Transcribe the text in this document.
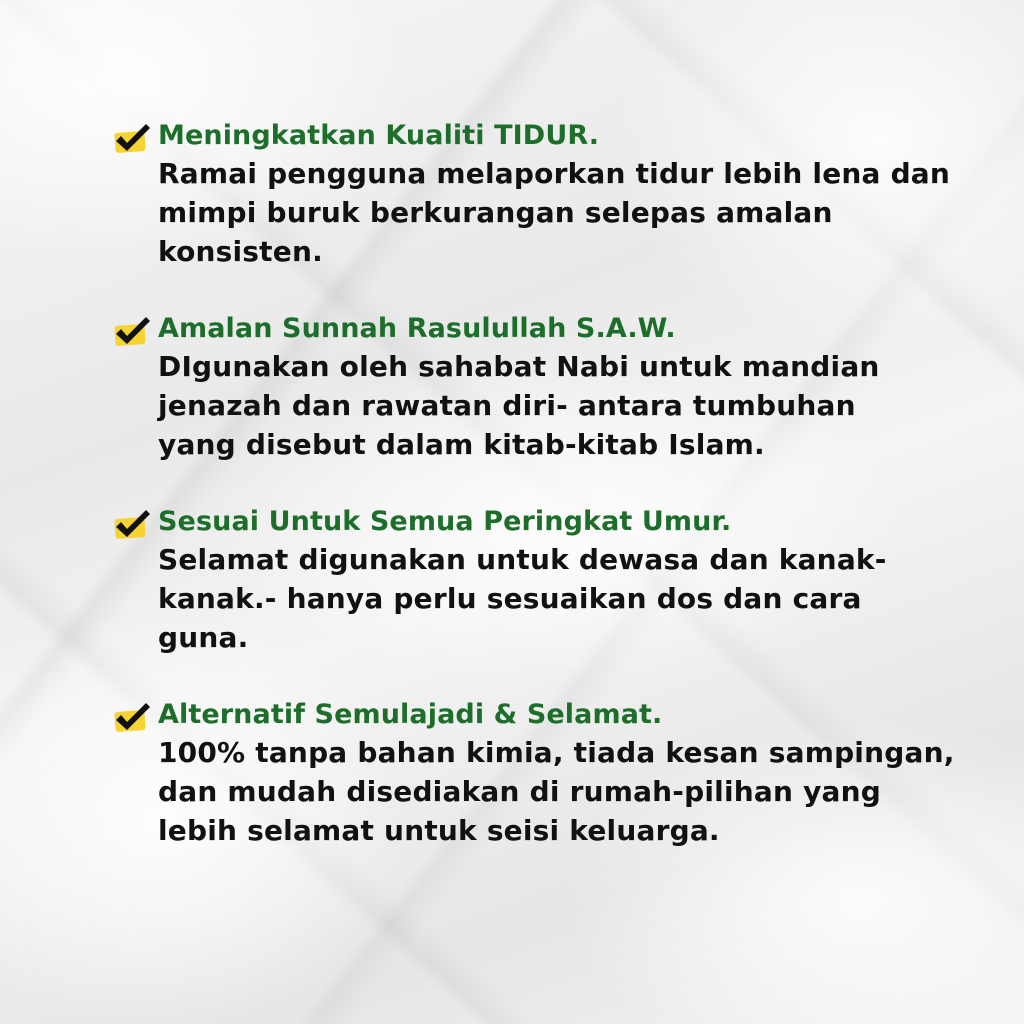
Meningkatkan Kualiti TIDUR.
Ramai pengguna melaporkan tidur lebih lena dan
mimpi buruk berkurangan selepas amalan
konsisten.
Amalan Sunnah Rasulullah S.A.W.
DIgunakan oleh sahabat Nabi untuk mandian
jenazah dan rawatan diri- antara tumbuhan
yang disebut dalam kitab-kitab Islam.
Sesuai Untuk Semua Peringkat Umur.
Selamat digunakan untuk dewasa dan kanak-
kanak.- hanya perlu sesuaikan dos dan cara
guna.
Alternatif Semulajadi & Selamat.
100% tanpa bahan kimia, tiada kesan sampingan,
dan mudah disediakan di rumah-pilihan yang
lebih selamat untuk seisi keluarga.
